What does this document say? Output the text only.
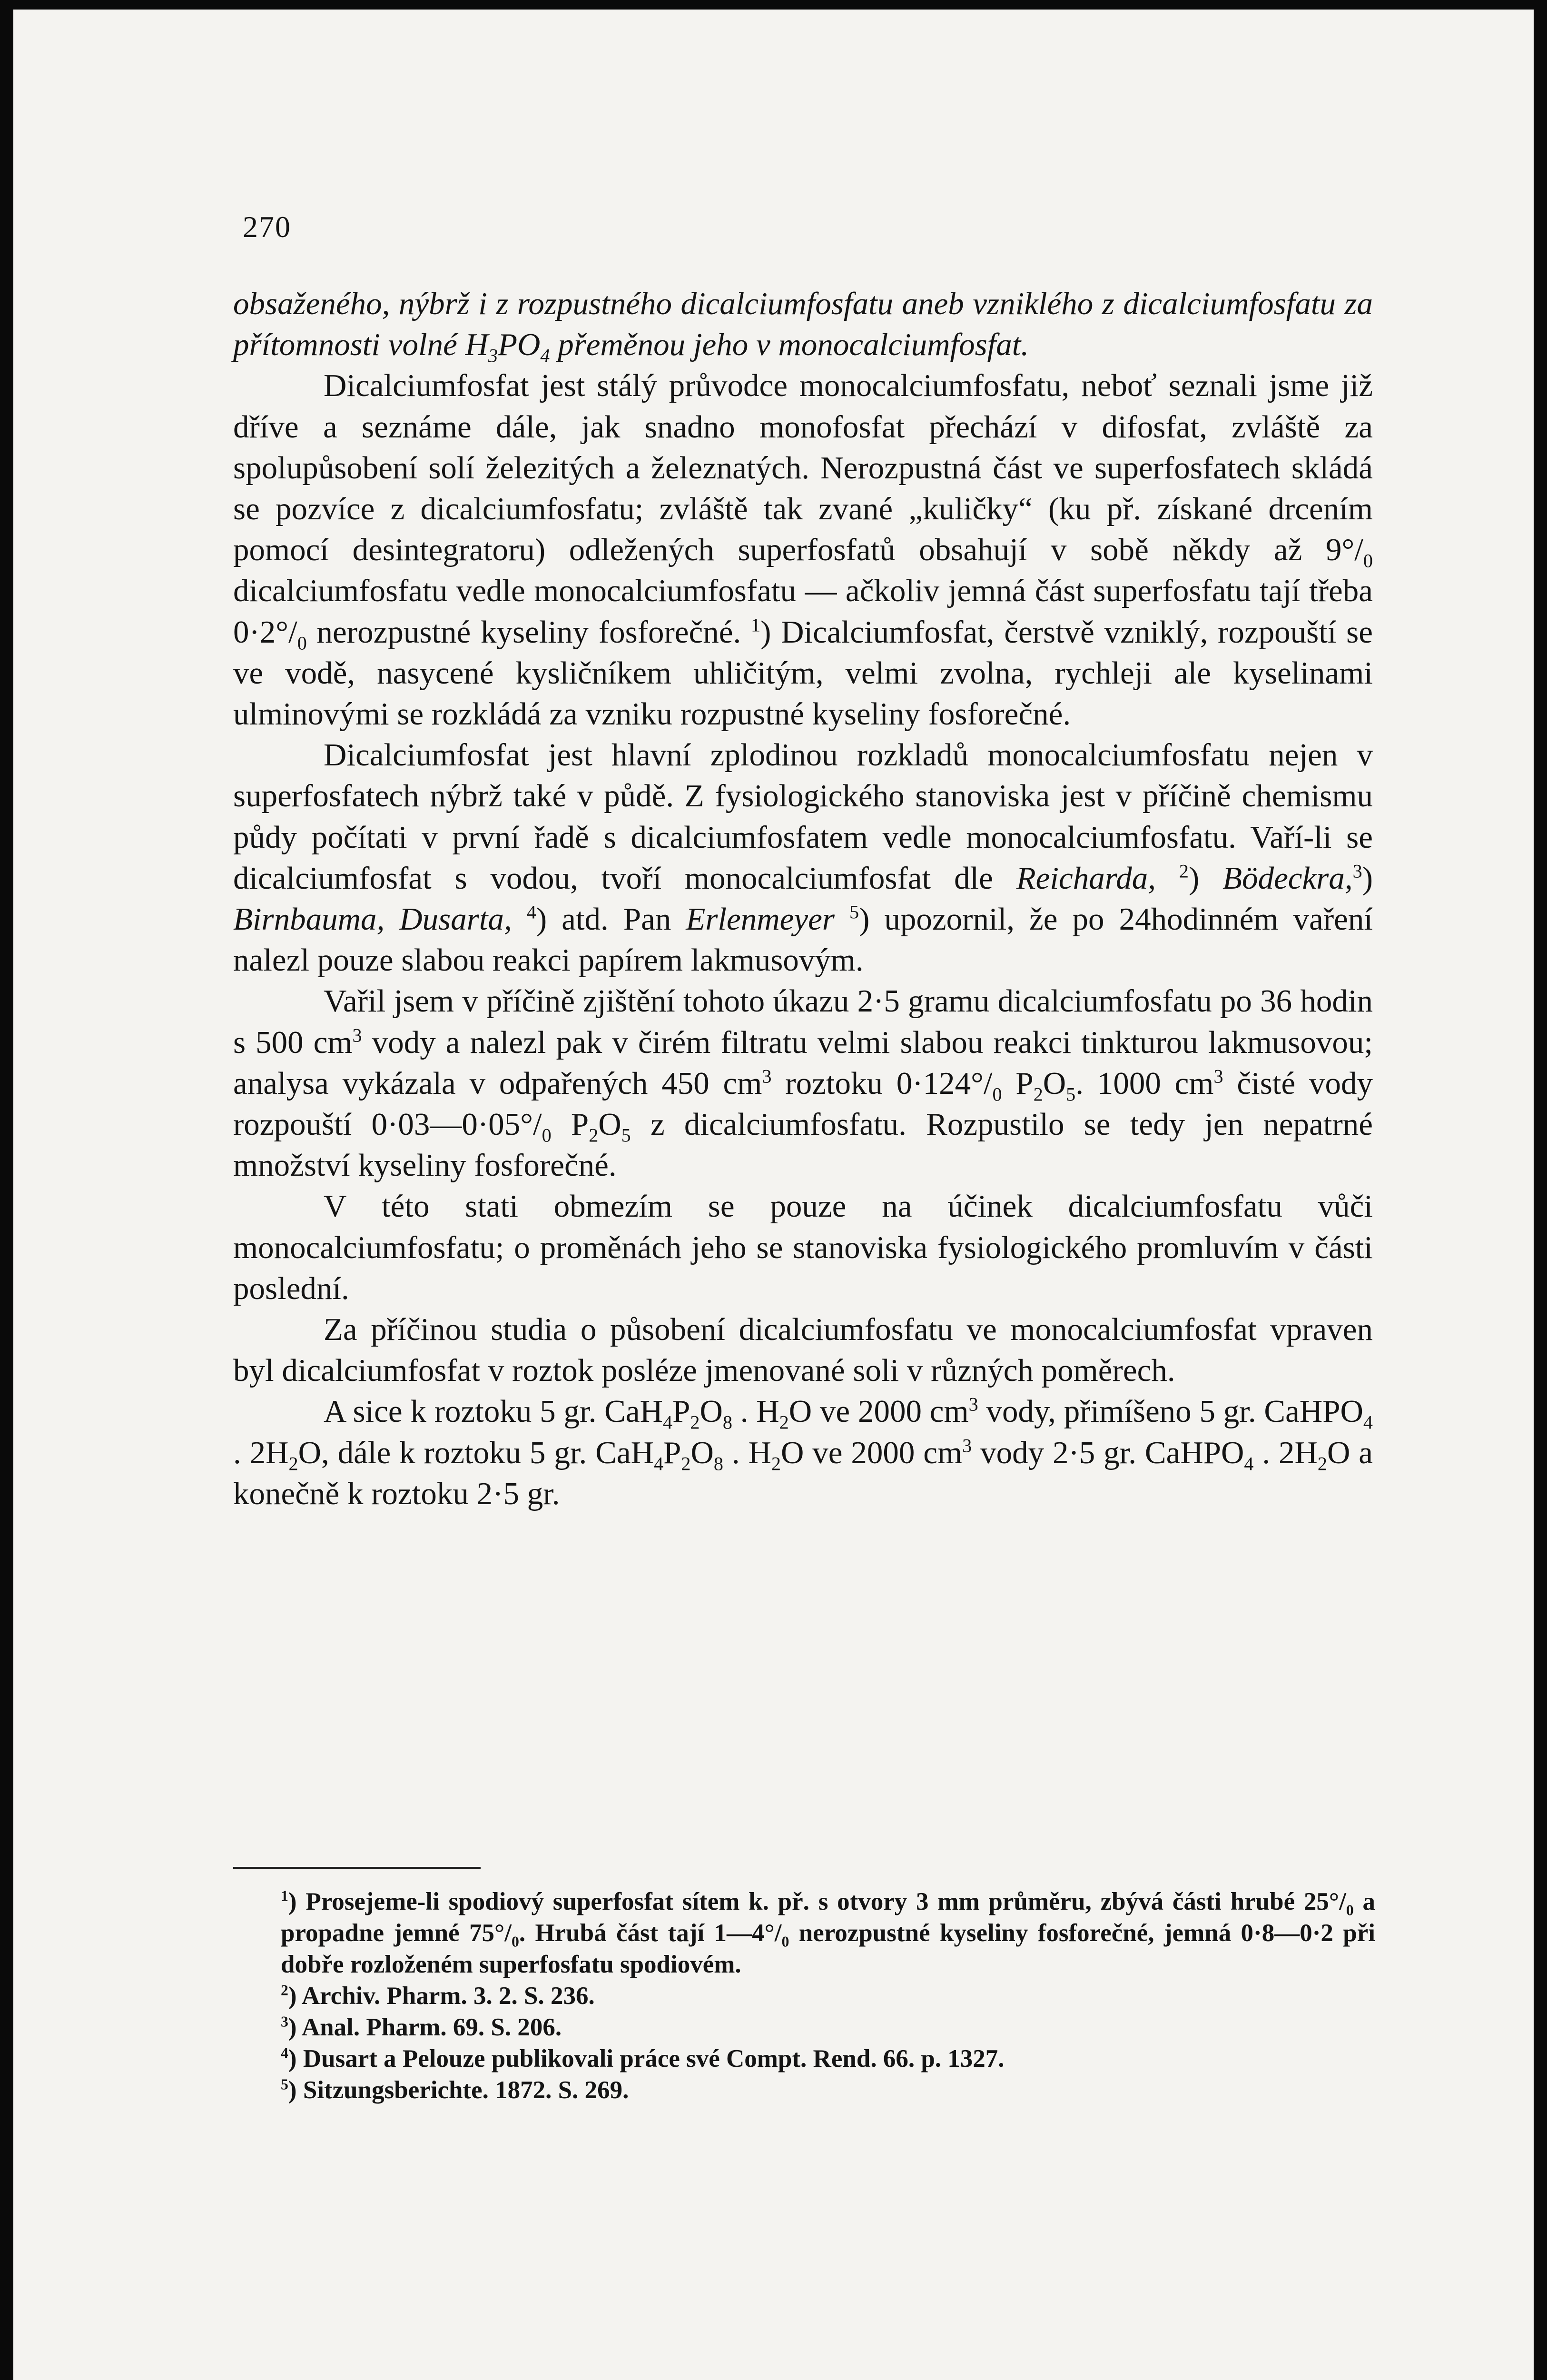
270

obsaženého, nýbrž i z rozpustného dicalciumfosfatu aneb vzniklého z dicalciumfosfatu za přítomnosti volné $H_3PO_4$ přeměnou jeho v monocalciumfosfat.

Dicalciumfosfat jest stálý průvodce monocalciumfosfatu, neboť seznali jsme již dříve a seznáme dále, jak snadno monofosfat přechází v difosfat, zvláště za spolupůsobení solí železitých a železnatých. Nerozpustná část ve superfosfatech skládá se pozvíce z dicalciumfosfatu; zvláště tak zvané „kuličky“ (ku př. získané drcením pomocí desintegratoru) odležených superfosfatů obsahují v sobě někdy až $9^\circ/_0$ dicalciumfosfatu vedle monocalciumfosfatu — ačkoliv jemná část superfosfatu tají třeba $0\cdot 2^\circ/_0$ nerozpustné kyseliny fosforečné. $^1$) Dicalciumfosfat, čerstvě vzniklý, rozpouští se ve vodě, nasycené kysličníkem uhličitým, velmi zvolna, rychleji ale kyselinami ulminovými se rozkládá za vzniku rozpustné kyseliny fosforečné.

Dicalciumfosfat jest hlavní zplodinou rozkladů monocalciumfosfatu nejen v superfosfatech nýbrž také v půdě. Z fysiologického stanoviska jest v příčině chemismu půdy počítati v první řadě s dicalciumfosfatem vedle monocalciumfosfatu. Vaří-li se dicalciumfosfat s vodou, tvoří monocalciumfosfat dle Reicharda, $^2$) Bödeckra,$^3$) Birnbauma, Dusarta, $^4$) atd. Pan Erlenmeyer $^5$) upozornil, že po 24hodinném vaření nalezl pouze slabou reakci papírem lakmusovým.

Vařil jsem v příčině zjištění tohoto úkazu 2·5 gramu dicalciumfosfatu po 36 hodin s 500 $cm^3$ vody a nalezl pak v čirém filtratu velmi slabou reakci tinkturou lakmusovou; analysa vykázala v odpařených 450 $cm^3$ roztoku $0\cdot 124^\circ/_0$ $P_2O_5$. 1000 $cm^3$ čisté vody rozpouští $0\cdot 03—0\cdot 05^\circ/_0$ $P_2O_5$ z dicalciumfosfatu. Rozpustilo se tedy jen nepatrné množství kyseliny fosforečné.

V této stati obmezím se pouze na účinek dicalciumfosfatu vůči monocalciumfosfatu; o proměnách jeho se stanoviska fysiologického promluvím v části poslední.

Za příčinou studia o působení dicalciumfosfatu ve monocalciumfosfat vpraven byl dicalciumfosfat v roztok posléze jmenované soli v různých poměrech.

A sice k roztoku 5 gr. $CaH_4P_2O_8$ . $H_2O$ ve 2000 $cm^3$ vody, přimíšeno 5 gr. CaHPO$_4$ . $2H_2O$, dále k roztoku 5 gr. $CaH_4P_2O_8$ . $H_2O$ ve 2000 $cm^3$ vody 2·5 gr. CaHPO$_4$ . $2H_2O$ a konečně k roztoku 2·5 gr.

$^1$) Prosejeme-li spodiový superfosfat sítem k. př. s otvory 3 mm průměru, zbývá části hrubé $25^\circ/_0$ a propadne jemné $75^\circ/_0$. Hrubá část tají $1—4^\circ/_0$ nerozpustné kyseliny fosforečné, jemná 0·8—0·2 při dobře rozloženém superfosfatu spodiovém.

$^2$) Archiv. Pharm. 3. 2. S. 236.

$^3$) Anal. Pharm. 69. S. 206.

$^4$) Dusart a Pelouze publikovali práce své Compt. Rend. 66. p. 1327.

$^5$) Sitzungsberichte. 1872. S. 269.
